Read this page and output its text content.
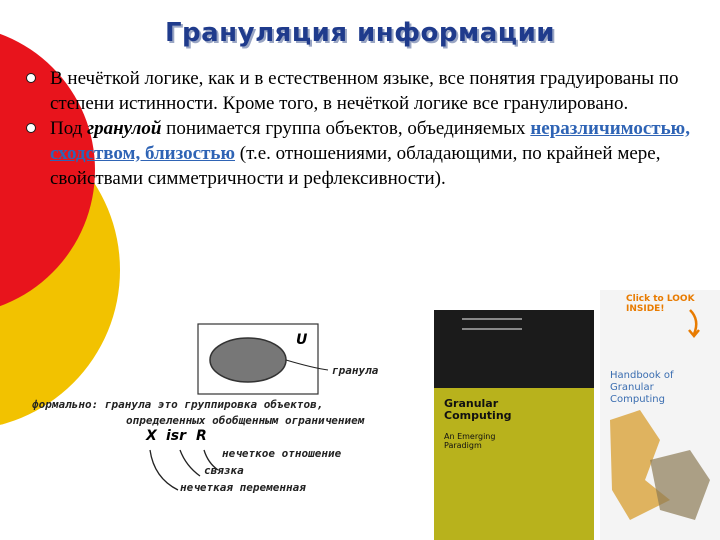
Грануляция информации
В нечёткой логике, как и в естественном языке, все понятия градуированы по степени истинности. Кроме того, в нечёткой логике все гранулировано.
Под гранулой понимается группа объектов, объединяемых неразличимостью, сходством, близостью (т.е. отношениями, обладающими, по крайней мере, свойствами симметричности и рефлексивности).
U
гранула
формально: гранула это группировка объектов,
определенных обобщенным ограничением
X isr R
нечеткое отношение
связка
нечеткая переменная
Granular Computing
An Emerging Paradigm
Click to LOOK INSIDE!
Handbook of Granular Computing
